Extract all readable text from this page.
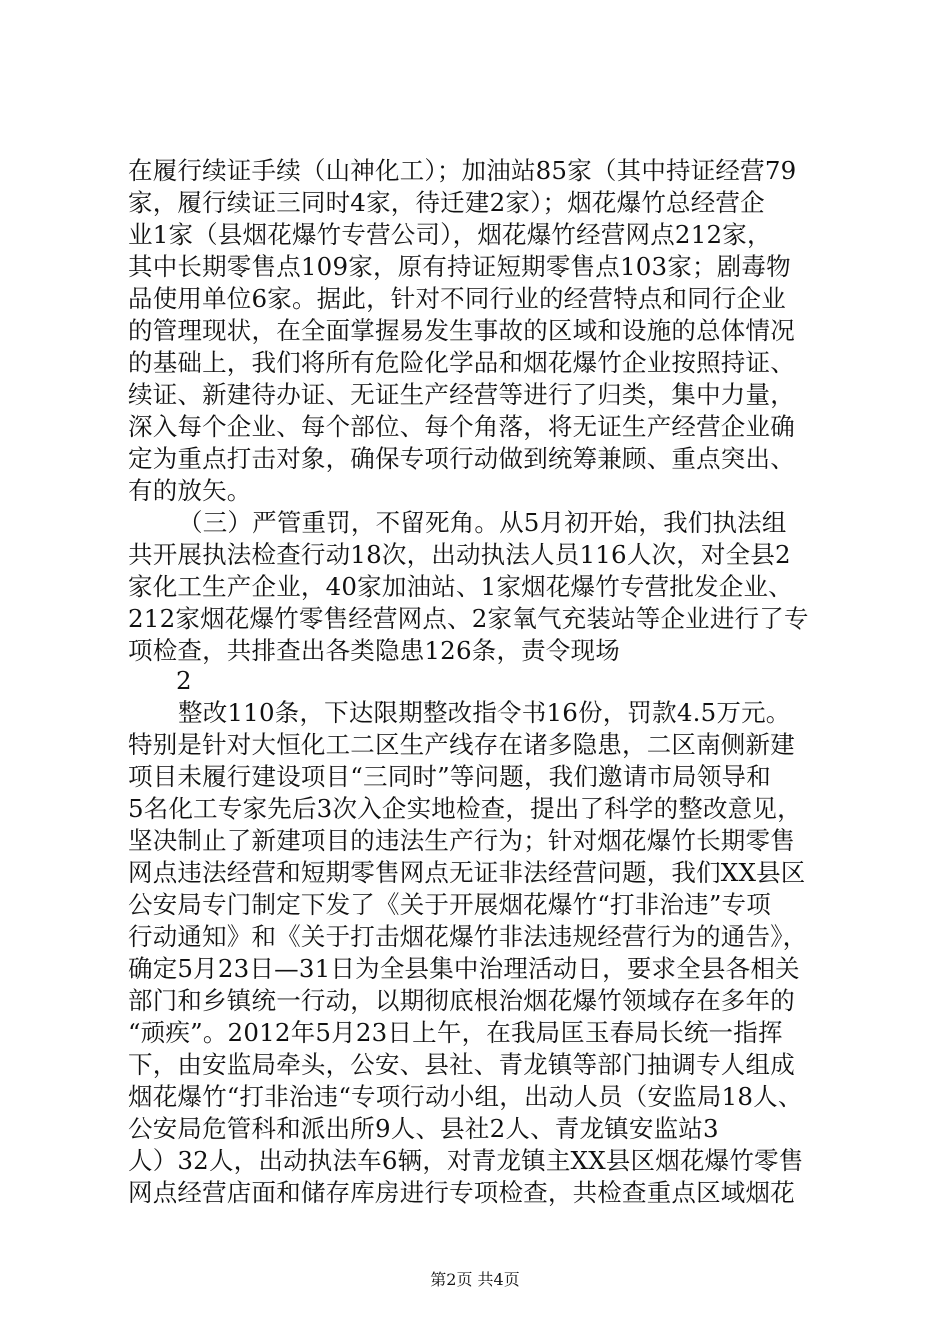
在履行续证手续（山神化工）；加油站85家（其中持证经营79
家，履行续证三同时4家，待迁建2家）；烟花爆竹总经营企
业1家（县烟花爆竹专营公司），烟花爆竹经营网点212家，
其中长期零售点109家，原有持证短期零售点103家；剧毒物
品使用单位6家。据此，针对不同行业的经营特点和同行企业
的管理现状，在全面掌握易发生事故的区域和设施的总体情况
的基础上，我们将所有危险化学品和烟花爆竹企业按照持证、
续证、新建待办证、无证生产经营等进行了归类，集中力量，
深入每个企业、每个部位、每个角落，将无证生产经营企业确
定为重点打击对象，确保专项行动做到统筹兼顾、重点突出、
有的放矢。
（三）严管重罚，不留死角。从5月初开始，我们执法组
共开展执法检查行动18次，出动执法人员116人次，对全县2
家化工生产企业，40家加油站、1家烟花爆竹专营批发企业、
212家烟花爆竹零售经营网点、2家氧气充装站等企业进行了专
项检查，共排查出各类隐患126条，责令现场
2
整改110条，下达限期整改指令书16份，罚款4.5万元。
特别是针对大恒化工二区生产线存在诸多隐患，二区南侧新建
项目未履行建设项目“三同时”等问题，我们邀请市局领导和
5名化工专家先后3次入企实地检查，提出了科学的整改意见，
坚决制止了新建项目的违法生产行为；针对烟花爆竹长期零售
网点违法经营和短期零售网点无证非法经营问题，我们XX县区
公安局专门制定下发了《关于开展烟花爆竹“打非治违”专项
行动通知》和《关于打击烟花爆竹非法违规经营行为的通告》，
确定5月23日—31日为全县集中治理活动日，要求全县各相关
部门和乡镇统一行动，以期彻底根治烟花爆竹领域存在多年的
“顽疾”。2012年5月23日上午，在我局匡玉春局长统一指挥
下，由安监局牵头，公安、县社、青龙镇等部门抽调专人组成
烟花爆竹“打非治违“专项行动小组，出动人员（安监局18人、
公安局危管科和派出所9人、县社2人、青龙镇安监站3
人）32人，出动执法车6辆，对青龙镇主XX县区烟花爆竹零售
网点经营店面和储存库房进行专项检查，共检查重点区域烟花
第2页 共4页
